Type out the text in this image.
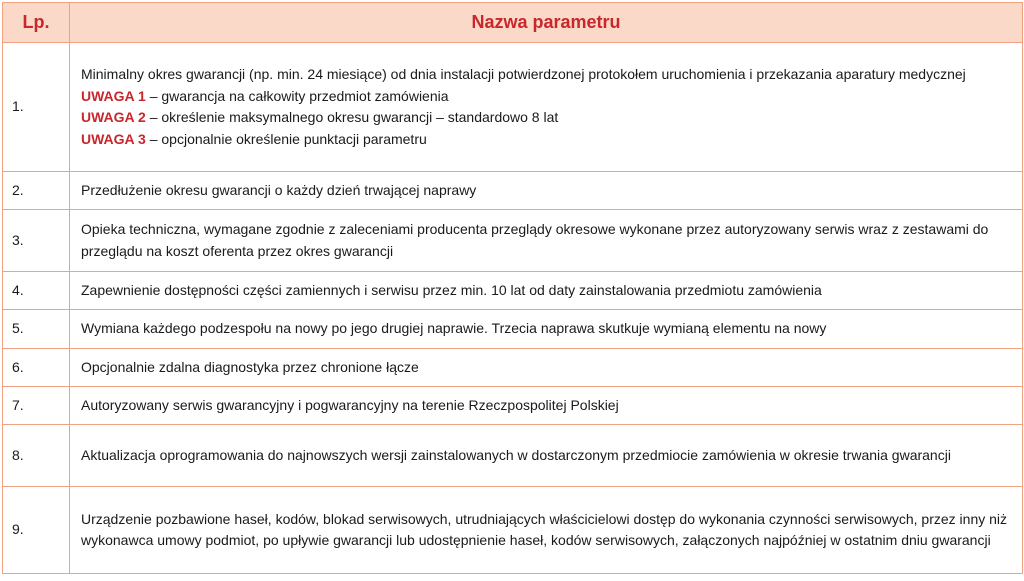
Lp.	Nazwa parametru
1.	Minimalny okres gwarancji (np. min. 24 miesiące) od dnia instalacji potwierdzonej protokołem uruchomienia i przekazania aparatury medycznej
UWAGA 1 – gwarancja na całkowity przedmiot zamówienia
UWAGA 2 – określenie maksymalnego okresu gwarancji – standardowo 8 lat
UWAGA 3 – opcjonalnie określenie punktacji parametru

2.	Przedłużenie okresu gwarancji o każdy dzień trwającej naprawy
3.	Opieka techniczna, wymagane zgodnie z zaleceniami producenta przeglądy okresowe wykonane przez autoryzowany serwis wraz z zestawami do przeglądu na koszt oferenta przez okres gwarancji
4.	Zapewnienie dostępności części zamiennych i serwisu przez min. 10 lat od daty zainstalowania przedmiotu zamówienia
5.	Wymiana każdego podzespołu na nowy po jego drugiej naprawie. Trzecia naprawa skutkuje wymianą elementu na nowy
6.	Opcjonalnie zdalna diagnostyka przez chronione łącze
7.	Autoryzowany serwis gwarancyjny i pogwarancyjny na terenie Rzeczpospolitej Polskiej
8.	Aktualizacja oprogramowania do najnowszych wersji zainstalowanych w dostarczonym przedmiocie zamówienia w okresie trwania gwarancji
9.	Urządzenie pozbawione haseł, kodów, blokad serwisowych, utrudniających właścicielowi dostęp do wykonania czynności serwisowych, przez inny niż wykonawca umowy podmiot, po upływie gwarancji lub udostępnienie haseł, kodów serwisowych, załączonych najpóźniej w ostatnim dniu gwarancji
